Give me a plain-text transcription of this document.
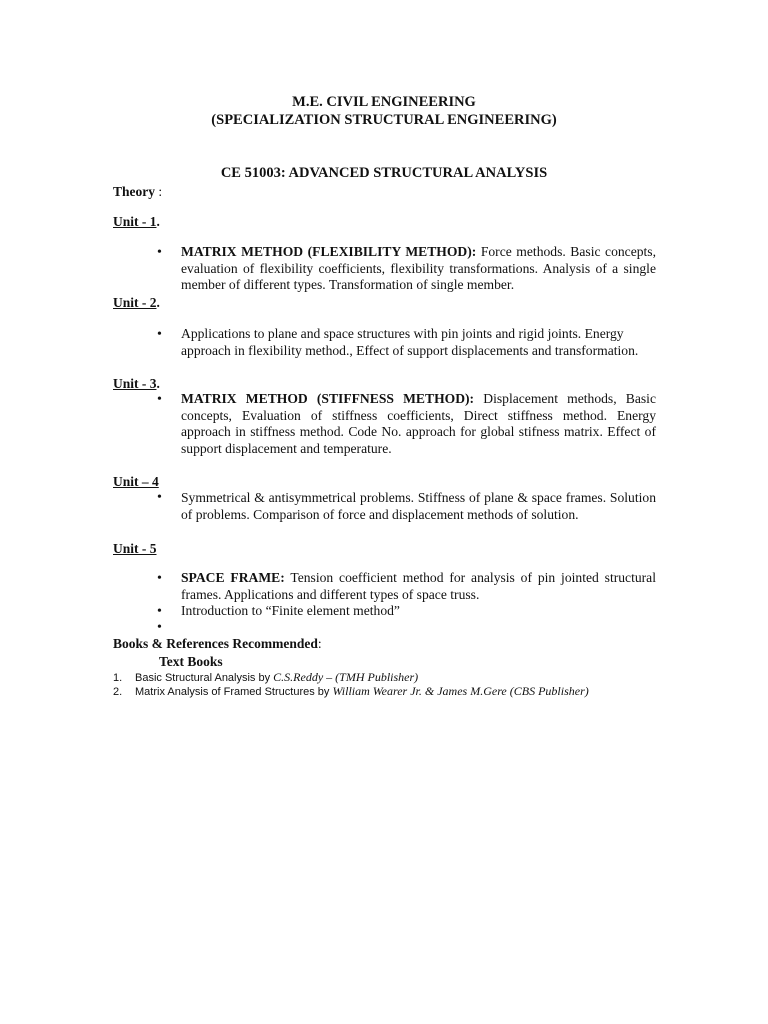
M.E. CIVIL ENGINEERING
(SPECIALIZATION STRUCTURAL ENGINEERING)
CE 51003: ADVANCED STRUCTURAL ANALYSIS
Theory :
Unit - 1.
• MATRIX METHOD (FLEXIBILITY METHOD): Force methods. Basic concepts, evaluation of flexibility coefficients, flexibility transformations. Analysis of a single member of different types. Transformation of single member.
Unit - 2.
• Applications to plane and space structures with pin joints and rigid joints. Energy approach in flexibility method., Effect of support displacements and transformation.
Unit - 3.
• MATRIX METHOD (STIFFNESS METHOD): Displacement methods, Basic concepts, Evaluation of stiffness coefficients, Direct stiffness method. Energy approach in stiffness method. Code No. approach for global stifness matrix. Effect of support displacement and temperature.
Unit – 4
• Symmetrical & antisymmetrical problems. Stiffness of plane & space frames. Solution of problems. Comparison of force and displacement methods of solution.
Unit - 5
• SPACE FRAME: Tension coefficient method for analysis of pin jointed structural frames. Applications and different types of space truss.
• Introduction to “Finite element method”
•
Books & References Recommended:
Text Books
1. Basic Structural Analysis by C.S.Reddy – (TMH Publisher)
2. Matrix Analysis of Framed Structures by William Wearer Jr. & James M.Gere (CBS Publisher)
